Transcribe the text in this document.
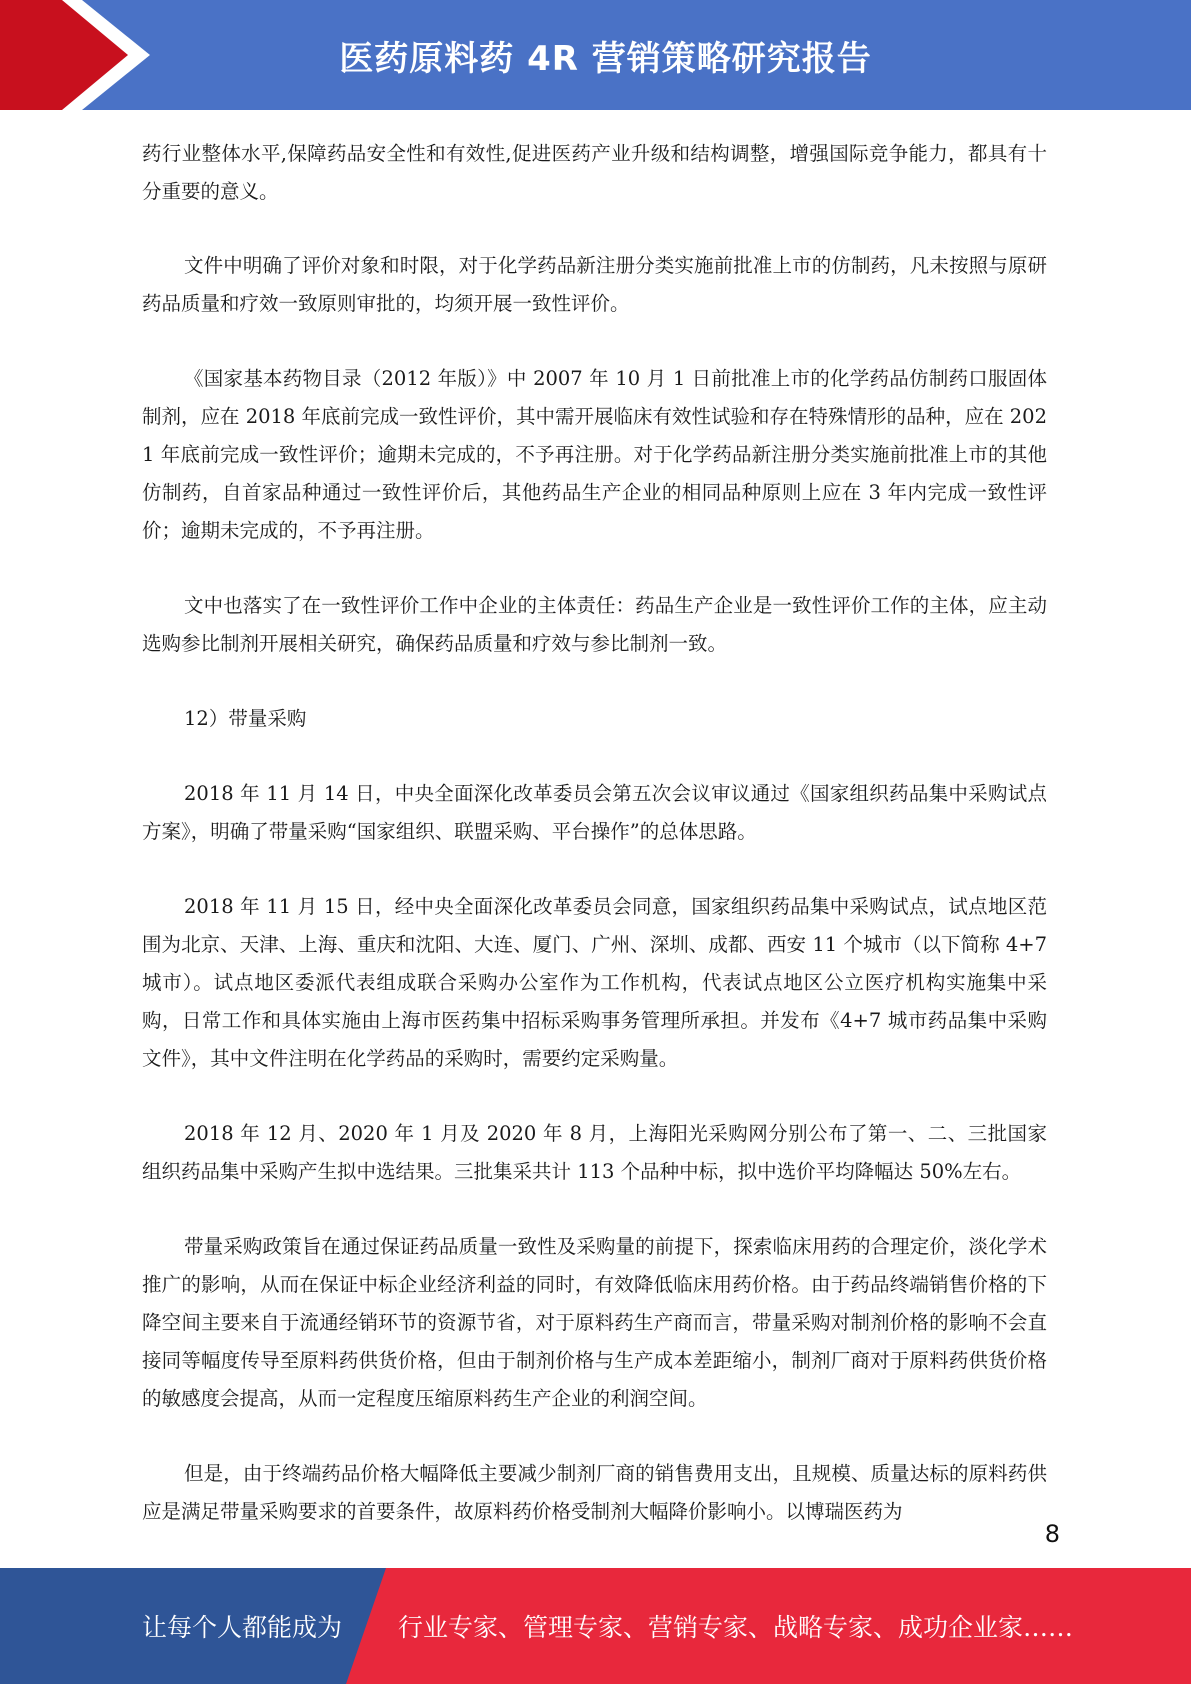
医药原料药 4R 营销策略研究报告

药行业整体水平,保障药品安全性和有效性,促进医药产业升级和结构调整，增强国际竞争能力，都具有十分重要的意义。

文件中明确了评价对象和时限，对于化学药品新注册分类实施前批准上市的仿制药，凡未按照与原研药品质量和疗效一致原则审批的，均须开展一致性评价。

《国家基本药物目录（2012 年版）》中 2007 年 10 月 1 日前批准上市的化学药品仿制药口服固体制剂，应在 2018 年底前完成一致性评价，其中需开展临床有效性试验和存在特殊情形的品种，应在 2021 年底前完成一致性评价；逾期未完成的，不予再注册。对于化学药品新注册分类实施前批准上市的其他仿制药，自首家品种通过一致性评价后，其他药品生产企业的相同品种原则上应在 3 年内完成一致性评价；逾期未完成的，不予再注册。

文中也落实了在一致性评价工作中企业的主体责任：药品生产企业是一致性评价工作的主体，应主动选购参比制剂开展相关研究，确保药品质量和疗效与参比制剂一致。

12）带量采购

2018 年 11 月 14 日，中央全面深化改革委员会第五次会议审议通过《国家组织药品集中采购试点方案》，明确了带量采购“国家组织、联盟采购、平台操作”的总体思路。

2018 年 11 月 15 日，经中央全面深化改革委员会同意，国家组织药品集中采购试点，试点地区范围为北京、天津、上海、重庆和沈阳、大连、厦门、广州、深圳、成都、西安 11 个城市（以下简称 4+7 城市）。试点地区委派代表组成联合采购办公室作为工作机构，代表试点地区公立医疗机构实施集中采购，日常工作和具体实施由上海市医药集中招标采购事务管理所承担。并发布《4+7 城市药品集中采购文件》，其中文件注明在化学药品的采购时，需要约定采购量。

2018 年 12 月、2020 年 1 月及 2020 年 8 月，上海阳光采购网分别公布了第一、二、三批国家组织药品集中采购产生拟中选结果。三批集采共计 113 个品种中标，拟中选价平均降幅达 50%左右。

带量采购政策旨在通过保证药品质量一致性及采购量的前提下，探索临床用药的合理定价，淡化学术推广的影响，从而在保证中标企业经济利益的同时，有效降低临床用药价格。由于药品终端销售价格的下降空间主要来自于流通经销环节的资源节省，对于原料药生产商而言，带量采购对制剂价格的影响不会直接同等幅度传导至原料药供货价格，但由于制剂价格与生产成本差距缩小，制剂厂商对于原料药供货价格的敏感度会提高，从而一定程度压缩原料药生产企业的利润空间。

但是，由于终端药品价格大幅降低主要减少制剂厂商的销售费用支出，且规模、质量达标的原料药供应是满足带量采购要求的首要条件，故原料药价格受制剂大幅降价影响小。以博瑞医药为

8
让每个人都能成为 行业专家、管理专家、营销专家、战略专家、成功企业家……
